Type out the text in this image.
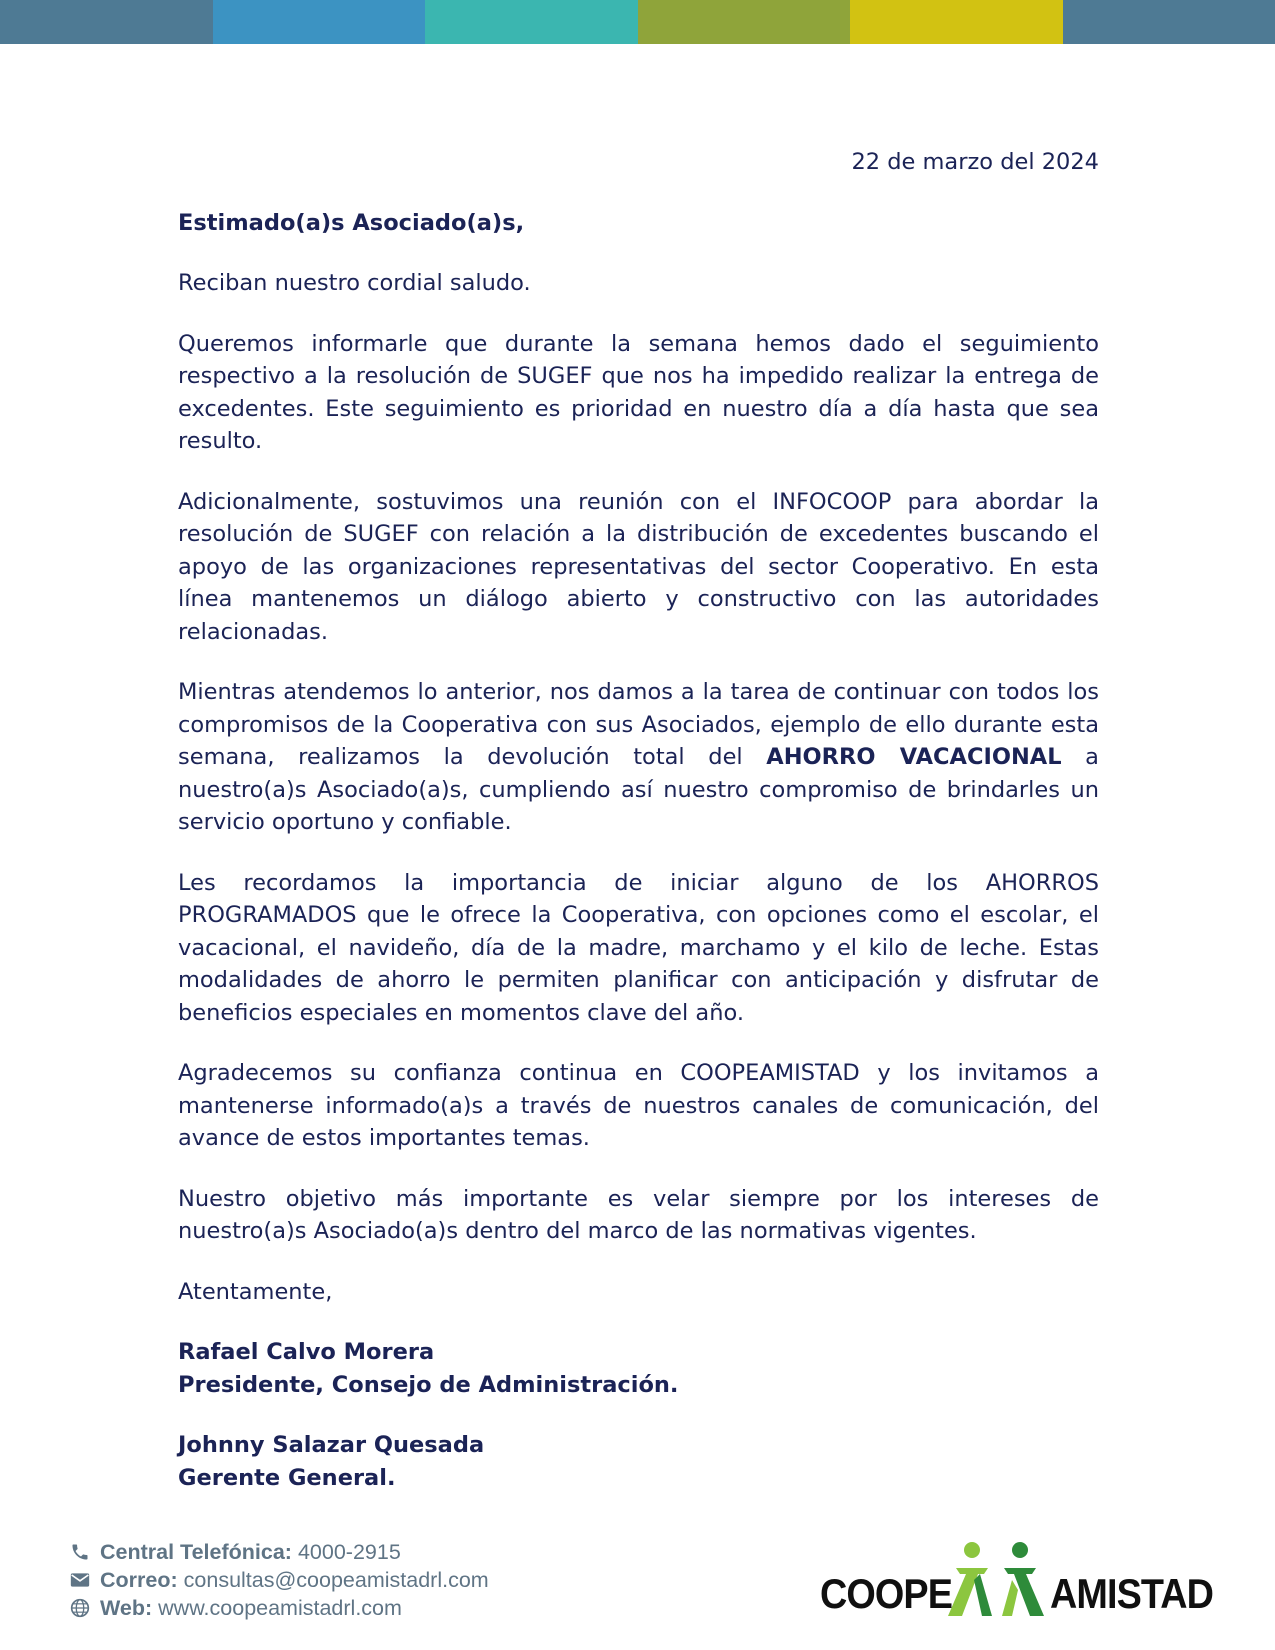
22 de marzo del 2024

Estimado(a)s Asociado(a)s,

Reciban nuestro cordial saludo.

Queremos informarle que durante la semana hemos dado el seguimiento respectivo a la resolución de SUGEF que nos ha impedido realizar la entrega de excedentes. Este seguimiento es prioridad en nuestro día a día hasta que sea resulto.

Adicionalmente, sostuvimos una reunión con el INFOCOOP para abordar la resolución de SUGEF con relación a la distribución de excedentes buscando el apoyo de las organizaciones representativas del sector Cooperativo. En esta línea mantenemos un diálogo abierto y constructivo con las autoridades relacionadas.

Mientras atendemos lo anterior, nos damos a la tarea de continuar con todos los compromisos de la Cooperativa con sus Asociados, ejemplo de ello durante esta semana, realizamos la devolución total del AHORRO VACACIONAL a nuestro(a)s Asociado(a)s, cumpliendo así nuestro compromiso de brindarles un servicio oportuno y confiable.

Les recordamos la importancia de iniciar alguno de los AHORROS PROGRAMADOS que le ofrece la Cooperativa, con opciones como el escolar, el vacacional, el navideño, día de la madre, marchamo y el kilo de leche. Estas modalidades de ahorro le permiten planificar con anticipación y disfrutar de beneficios especiales en momentos clave del año.

Agradecemos su confianza continua en COOPEAMISTAD y los invitamos a mantenerse informado(a)s a través de nuestros canales de comunicación, del avance de estos importantes temas.

Nuestro objetivo más importante es velar siempre por los intereses de nuestro(a)s Asociado(a)s dentro del marco de las normativas vigentes.

Atentamente,

Rafael Calvo Morera
Presidente, Consejo de Administración.
Johnny Salazar Quesada
Gerente General.
Central Telefónica: 4000-2915
Correo: consultas@coopeamistadrl.com
Web: www.coopeamistadrl.com	COOPE AMISTAD
